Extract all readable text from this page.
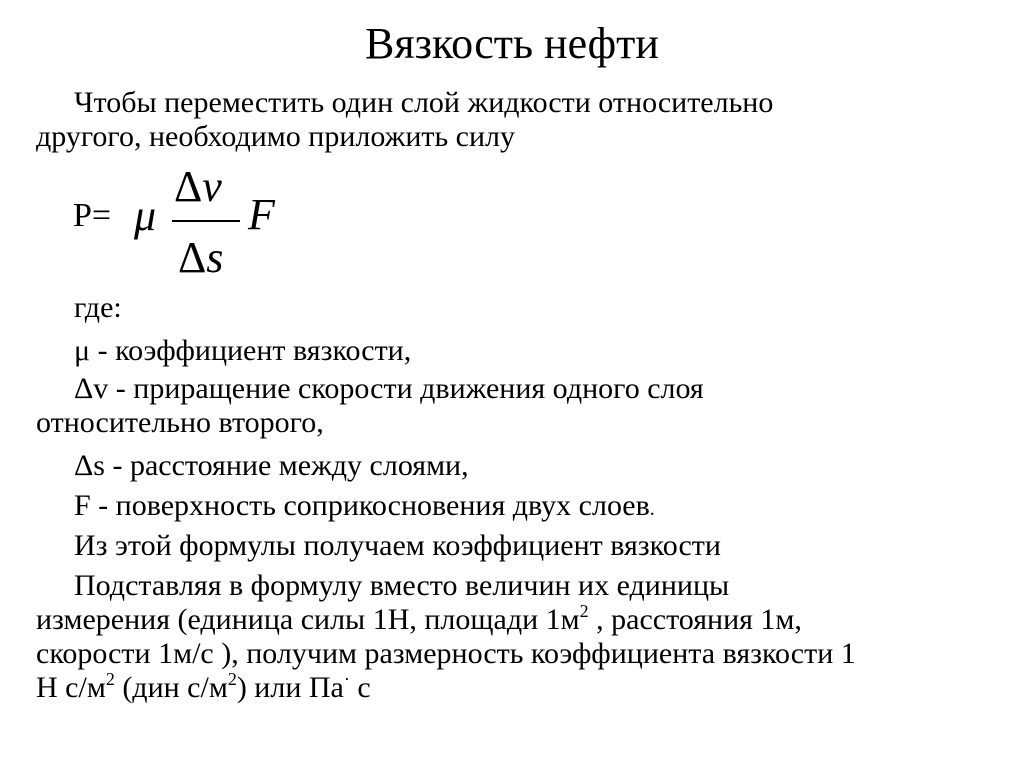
Вязкость нефти
Чтобы переместить один слой жидкости относительно
другого, необходимо приложить силу
P= μ
Δv
Δs
F
где:
μ - коэффициент вязкости,
Δv - приращение скорости движения одного слоя
относительно второго,
Δs - расстояние между слоями,
F - поверхность соприкосновения двух слоев.
Из этой формулы получаем коэффициент вязкости
Подставляя в формулу вместо величин их единицы
измерения (единица силы 1Н, площади $1м^2$ , расстояния 1м,
скорости 1м/с ), получим размерность коэффициента вязкости 1
Н $с/м^2$ (дин $с/м^2$) или Па· с
